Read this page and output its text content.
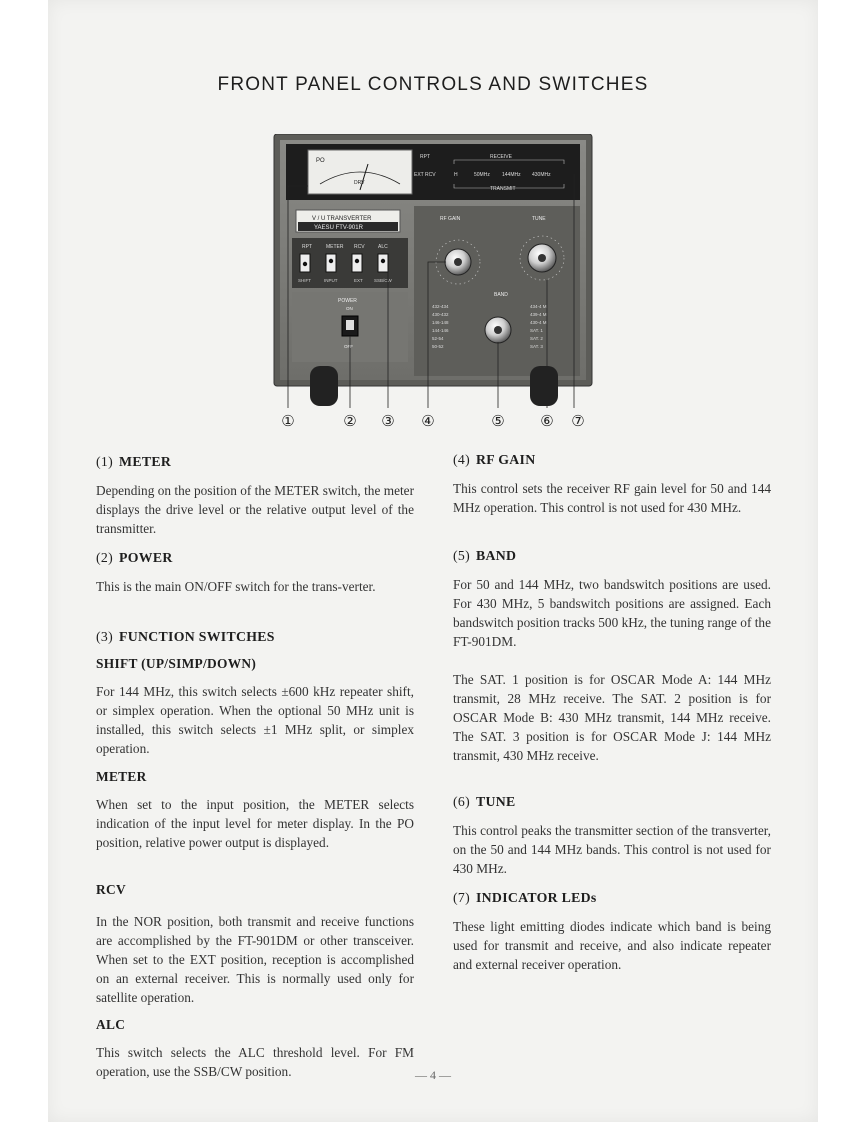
FRONT PANEL CONTROLS AND SWITCHES
PO
DRV
RPT
EXT RCV
RECEIVE
H	50MHz 144MHz 430MHz
TRANSMIT
V / U TRANSVERTER
YAESU FTV-901R
RPT	METER RCV	ALC
SHIFT	INPUT	EXT SSB/CW
POWER
ON
OFF
RF GAIN	TUNE
BAND
432-434
430-432
146-148
144-146
52-54
50-52
434-4 M
439-4 M
430-4 M
SAT. 1
SAT. 2
SAT. 3
①	② ③ ④	⑤ ⑥ ⑦
(1) METER

Depending on the position of the METER switch, the meter displays the drive level or the relative output level of the transmitter.

(2) POWER

This is the main ON/OFF switch for the trans-verter.

(3) FUNCTION SWITCHES
SHIFT (UP/SIMP/DOWN)

For 144 MHz, this switch selects ±600 kHz repeater shift, or simplex operation. When the optional 50 MHz unit is installed, this switch selects ±1 MHz split, or simplex operation.

METER

When set to the input position, the METER selects indication of the input level for meter display. In the PO position, relative power output is displayed.

RCV

In the NOR position, both transmit and receive functions are accomplished by the FT-901DM or other transceiver. When set to the EXT position, reception is accomplished on an external receiver. This is normally used only for satellite operation.

ALC

This switch selects the ALC threshold level. For FM operation, use the SSB/CW position.

(4) RF GAIN

This control sets the receiver RF gain level for 50 and 144 MHz operation. This control is not used for 430 MHz.

(5) BAND

For 50 and 144 MHz, two bandswitch positions are used. For 430 MHz, 5 bandswitch positions are assigned. Each bandswitch position tracks 500 kHz, the tuning range of the FT-901DM.

The SAT. 1 position is for OSCAR Mode A: 144 MHz transmit, 28 MHz receive. The SAT. 2 position is for OSCAR Mode B: 430 MHz transmit, 144 MHz receive. The SAT. 3 position is for OSCAR Mode J: 144 MHz transmit, 430 MHz receive.

(6) TUNE

This control peaks the transmitter section of the transverter, on the 50 and 144 MHz bands. This control is not used for 430 MHz.

(7) INDICATOR LEDs

These light emitting diodes indicate which band is being used for transmit and receive, and also indicate repeater and external receiver operation.

— 4 —
